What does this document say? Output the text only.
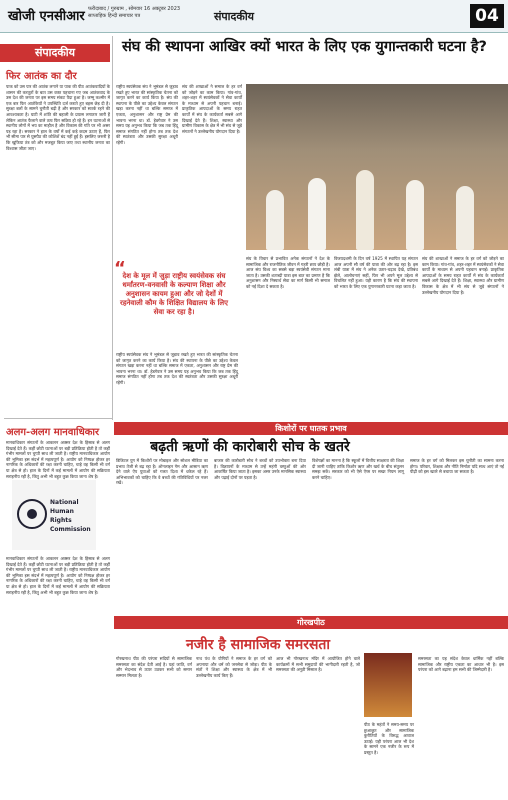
खोजी एनसीआर फरीदाबाद / गुरुग्राम , सोमवार 16 अक्टूबर 2023
साप्ताहिक हिन्दी समाचार पत्र	संपादकीय	04
संपादकीय
फिर आतंक का दौर
पाक को उस पार की आतंक लगाने या पाक की पीठ आतंकवादियों के शासन की करतूतों के बात उस वक्त पहचाना गए जब आतंकवाद के उस देश की जनता पर इस समय संकट पैदा हुआ है। जम्मू कश्मीर में एक बार फिर आतंकियों ने उपस्थिति दर्ज कराते हुए बहस छेड़ दी है। सुरक्षा बलों के सामने चुनौती बढ़ी है और सरकार को सतर्क रहने की आवश्यकता है। घाटी में शांति की बहाली के प्रयास लगातार जारी हैं लेकिन आतंक फैलाने वाले तत्व फिर सक्रिय हो रहे हैं। इन घटनाओं से स्थानीय लोगों में भय का माहौल है और विकास की गति पर भी असर पड़ रहा है। सरकार ने हाल के वर्षों में कई कड़े कदम उठाए हैं, फिर भी सीमा पार से घुसपैठ की कोशिशें बंद नहीं हुई हैं। इसलिए जरूरी है कि खुफिया तंत्र को और मजबूत किया जाए तथा स्थानीय जनता का विश्वास जीता जाए।
अलग-अलग मानवाधिकार
मानवाधिकार संगठनों के आकलन अक्सर देश के हिसाब से अलग दिखाई देते हैं। कहीं छोटी घटनाओं पर बड़ी प्रतिक्रिया होती है तो कहीं गंभीर मामलों पर चुप्पी साध ली जाती है। राष्ट्रीय मानवाधिकार आयोग की भूमिका इस संदर्भ में महत्वपूर्ण है। आयोग को निष्पक्ष होकर हर नागरिक के अधिकारों की रक्षा करनी चाहिए, चाहे वह किसी भी वर्ग या क्षेत्र से हो। हाल के दिनों में कई मामलों में आयोग की सक्रियता सराहनीय रही है, किंतु अभी भी बहुत कुछ किया जाना शेष है।
National Human Rights Commission
मानवाधिकार संगठनों के आकलन अक्सर देश के हिसाब से अलग दिखाई देते हैं। कहीं छोटी घटनाओं पर बड़ी प्रतिक्रिया होती है तो कहीं गंभीर मामलों पर चुप्पी साध ली जाती है। राष्ट्रीय मानवाधिकार आयोग की भूमिका इस संदर्भ में महत्वपूर्ण है। आयोग को निष्पक्ष होकर हर नागरिक के अधिकारों की रक्षा करनी चाहिए, चाहे वह किसी भी वर्ग या क्षेत्र से हो। हाल के दिनों में कई मामलों में आयोग की सक्रियता सराहनीय रही है, किंतु अभी भी बहुत कुछ किया जाना शेष है।
संघ की स्थापना आखिर क्यों भारत के लिए एक युगान्तकारी घटना है?
राष्ट्रीय स्वयंसेवक संघ ने भूमंडल से जुड़ाव रखते हुए भारत की सांस्कृतिक चेतना को जागृत करने का कार्य किया है। संघ की स्थापना के पीछे का उद्देश्य केवल संगठन खड़ा करना नहीं था बल्कि समाज में एकता, अनुशासन और राष्ट्र प्रेम की भावना भरना था। डॉ. हेडगेवार ने उस समय यह अनुभव किया कि जब तक हिंदू समाज संगठित नहीं होगा तब तक देश की स्वतंत्रता और उसकी सुरक्षा अधूरी रहेगी।
संघ की शाखाओं ने समाज के हर वर्ग को जोड़ने का काम किया। गांव-गांव, शहर-शहर में स्वयंसेवकों ने सेवा कार्यों के माध्यम से अपनी पहचान बनाई। प्राकृतिक आपदाओं के समय राहत कार्यों में संघ के कार्यकर्ता सबसे आगे दिखाई देते हैं। शिक्षा, स्वास्थ्य और ग्रामीण विकास के क्षेत्र में भी संघ से जुड़े संगठनों ने उल्लेखनीय योगदान दिया है।
“
देश के मूल में जुड़ा राष्ट्रीय स्वयंसेवक संघ धर्मांतरण-वनवासी के कल्याण शिक्षा और अनुशासन कायम हुआ और जो देशों में रहनेवाली कौम के शिक्षित विद्यालय के लिए सेवा कर रहा है।
राष्ट्रीय स्वयंसेवक संघ ने भूमंडल से जुड़ाव रखते हुए भारत की सांस्कृतिक चेतना को जागृत करने का कार्य किया है। संघ की स्थापना के पीछे का उद्देश्य केवल संगठन खड़ा करना नहीं था बल्कि समाज में एकता, अनुशासन और राष्ट्र प्रेम की भावना भरना था। डॉ. हेडगेवार ने उस समय यह अनुभव किया कि जब तक हिंदू समाज संगठित नहीं होगा तब तक देश की स्वतंत्रता और उसकी सुरक्षा अधूरी रहेगी।
संघ के विचार से प्रभावित अनेक संगठनों ने देश के सामाजिक और राजनीतिक जीवन में गहरी छाप छोड़ी है। आज संघ विश्व का सबसे बड़ा स्वयंसेवी संगठन माना जाता है। उसकी शताब्दी यात्रा इस बात का प्रमाण है कि अनुशासन और निस्वार्थ सेवा का मार्ग किसी भी समाज को नई दिशा दे सकता है।
विजयदशमी के दिन वर्ष 1925 में स्थापित यह संगठन आज अपनी सौ वर्ष की यात्रा की ओर बढ़ रहा है। इस लंबी यात्रा में संघ ने अनेक उतार-चढ़ाव देखे, प्रतिबंध झेले, आलोचनाएं सहीं, फिर भी अपने मूल उद्देश्य से विचलित नहीं हुआ। यही कारण है कि संघ की स्थापना को भारत के लिए एक युगान्तकारी घटना कहा जाता है।
संघ की शाखाओं ने समाज के हर वर्ग को जोड़ने का काम किया। गांव-गांव, शहर-शहर में स्वयंसेवकों ने सेवा कार्यों के माध्यम से अपनी पहचान बनाई। प्राकृतिक आपदाओं के समय राहत कार्यों में संघ के कार्यकर्ता सबसे आगे दिखाई देते हैं। शिक्षा, स्वास्थ्य और ग्रामीण विकास के क्षेत्र में भी संघ से जुड़े संगठनों ने उल्लेखनीय योगदान दिया है।
किशोरों पर घातक प्रभाव
बढ़ती ऋणों की कारोबारी सोच के खतरे
डिजिटल युग में किशोरों पर मोबाइल और सोशल मीडिया का प्रभाव तेजी से बढ़ रहा है। ऑनलाइन गेम और आसान ऋण देने वाले ऐप युवाओं को गलत दिशा में धकेल रहे हैं। अभिभावकों को चाहिए कि वे बच्चों की गतिविधियों पर नजर रखें।
बाजार की कारोबारी सोच ने बच्चों को उपभोक्ता बना दिया है। विज्ञापनों के माध्यम से उन्हें महंगी वस्तुओं की ओर आकर्षित किया जाता है। इसका असर उनके मानसिक स्वास्थ्य और पढ़ाई दोनों पर पड़ता है।
विशेषज्ञों का मानना है कि स्कूलों में वित्तीय साक्षरता की शिक्षा दी जानी चाहिए ताकि किशोर ऋण और खर्च के बीच संतुलन समझ सकें। सरकार को भी ऐसे ऐप्स पर सख्त नियम लागू करने चाहिए।
समाज के हर वर्ग को मिलकर इस चुनौती का सामना करना होगा। परिवार, शिक्षक और नीति निर्माता यदि साथ आएं तो नई पीढ़ी को इस खतरे से बचाया जा सकता है।
गोरखपीठ
नजीर है सामाजिक समरसता
गोरखनाथ पीठ की परंपरा सदियों से सामाजिक समरसता का संदेश देती आई है। यहां जाति, वर्ग और भेदभाव से ऊपर उठकर सभी को समान सम्मान मिलता है।
नाथ पंथ के योगियों ने समाज के हर वर्ग को अपनाया और धर्म को जनसेवा से जोड़ा। पीठ के संतों ने शिक्षा और स्वास्थ्य के क्षेत्र में भी उल्लेखनीय कार्य किए हैं।
आज भी गोरखनाथ मंदिर में आयोजित होने वाले कार्यक्रमों में सभी समुदायों की भागीदारी रहती है, जो समरसता की अनूठी मिसाल है।
पीठ के महंतों ने समय-समय पर छुआछूत और सामाजिक कुरीतियों के विरुद्ध आवाज उठाई। यही परंपरा आज भी देश के सामने एक नजीर के रूप में प्रस्तुत है।
समरसता का यह संदेश केवल धार्मिक नहीं बल्कि सामाजिक और राष्ट्रीय एकता का आधार भी है। इस परंपरा को आगे बढ़ाना हम सभी की जिम्मेदारी है।
